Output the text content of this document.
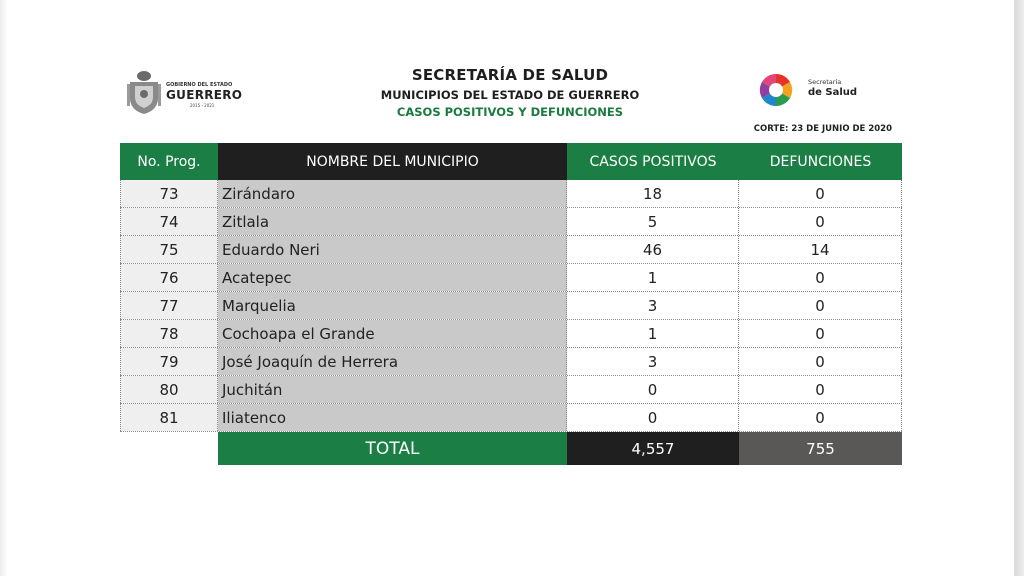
GOBIERNO DEL ESTADO
GUERRERO
2015 - 2021
SECRETARÍA DE SALUD
MUNICIPIOS DEL ESTADO DE GUERRERO
CASOS POSITIVOS Y DEFUNCIONES
Secretaría
de Salud
CORTE: 23 DE JUNIO DE 2020
No. Prog.	NOMBRE DEL MUNICIPIO	CASOS POSITIVOS	DEFUNCIONES
73	Zirándaro	18	0
74	Zitlala	5	0
75	Eduardo Neri	46	14
76	Acatepec	1	0
77	Marquelia	3	0
78	Cochoapa el Grande	1	0
79	José Joaquín de Herrera	3	0
80	Juchitán	0	0
81	Iliatenco	0	0
TOTAL	4,557	755
